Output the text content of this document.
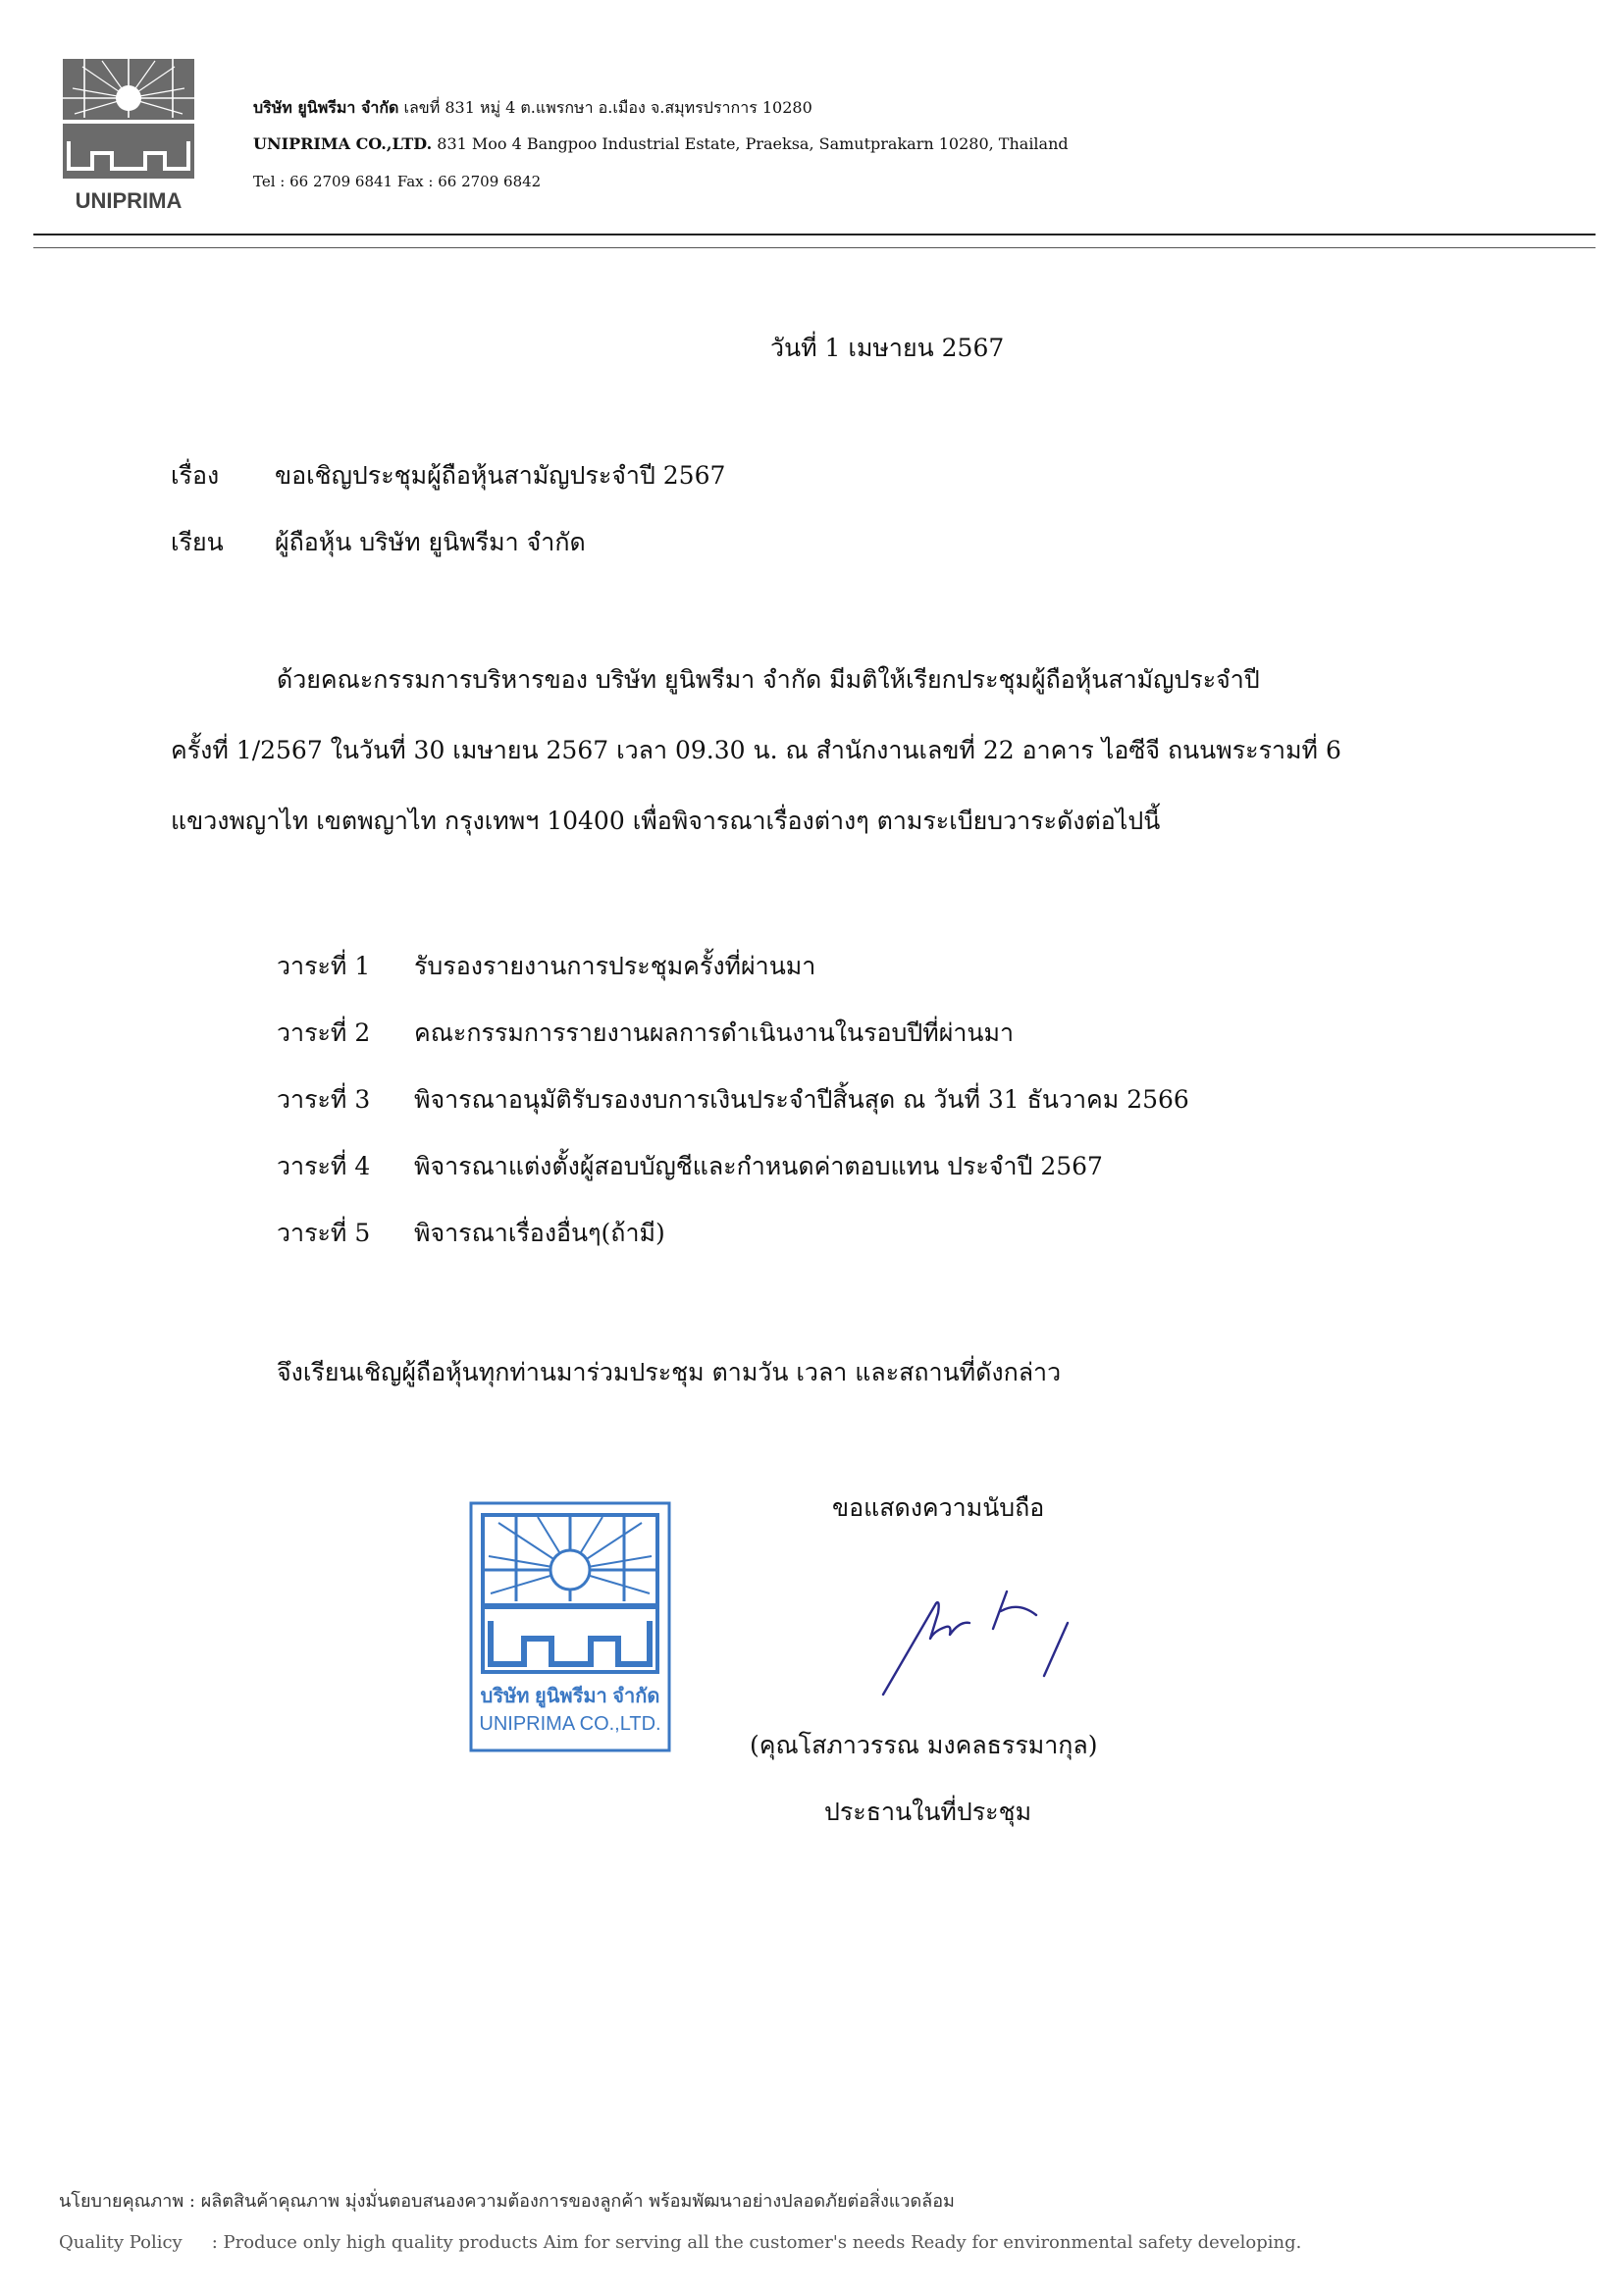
UNIPRIMA
บริษัท ยูนิพรีมา จำกัด เลขที่ 831 หมู่ 4 ต.แพรกษา อ.เมือง จ.สมุทรปราการ 10280
UNIPRIMA CO.,LTD. 831 Moo 4 Bangpoo Industrial Estate, Praeksa, Samutprakarn 10280, Thailand
Tel : 66 2709 6841 Fax : 66 2709 6842
วันที่ 1 เมษายน 2567
เรื่อง ขอเชิญประชุมผู้ถือหุ้นสามัญประจำปี 2567
เรียน ผู้ถือหุ้น บริษัท ยูนิพรีมา จำกัด
ด้วยคณะกรรมการบริหารของ บริษัท ยูนิพรีมา จำกัด มีมติให้เรียกประชุมผู้ถือหุ้นสามัญประจำปี
ครั้งที่ 1/2567 ในวันที่ 30 เมษายน 2567 เวลา 09.30 น. ณ สำนักงานเลขที่ 22 อาคาร ไอซีจี ถนนพระรามที่ 6
แขวงพญาไท เขตพญาไท กรุงเทพฯ 10400 เพื่อพิจารณาเรื่องต่างๆ ตามระเบียบวาระดังต่อไปนี้
วาระที่ 1 รับรองรายงานการประชุมครั้งที่ผ่านมา
วาระที่ 2 คณะกรรมการรายงานผลการดำเนินงานในรอบปีที่ผ่านมา
วาระที่ 3 พิจารณาอนุมัติรับรองงบการเงินประจำปีสิ้นสุด ณ วันที่ 31 ธันวาคม 2566
วาระที่ 4 พิจารณาแต่งตั้งผู้สอบบัญชีและกำหนดค่าตอบแทน ประจำปี 2567
วาระที่ 5 พิจารณาเรื่องอื่นๆ(ถ้ามี)
จึงเรียนเชิญผู้ถือหุ้นทุกท่านมาร่วมประชุม ตามวัน เวลา และสถานที่ดังกล่าว
ขอแสดงความนับถือ
บริษัท ยูนิพรีมา จำกัด
UNIPRIMA CO.,LTD.
(คุณโสภาวรรณ มงคลธรรมากุล)
ประธานในที่ประชุม
นโยบายคุณภาพ : ผลิตสินค้าคุณภาพ มุ่งมั่นตอบสนองความต้องการของลูกค้า พร้อมพัฒนาอย่างปลอดภัยต่อสิ่งแวดล้อม
Quality Policy : Produce only high quality products Aim for serving all the customer's needs Ready for environmental safety developing.
